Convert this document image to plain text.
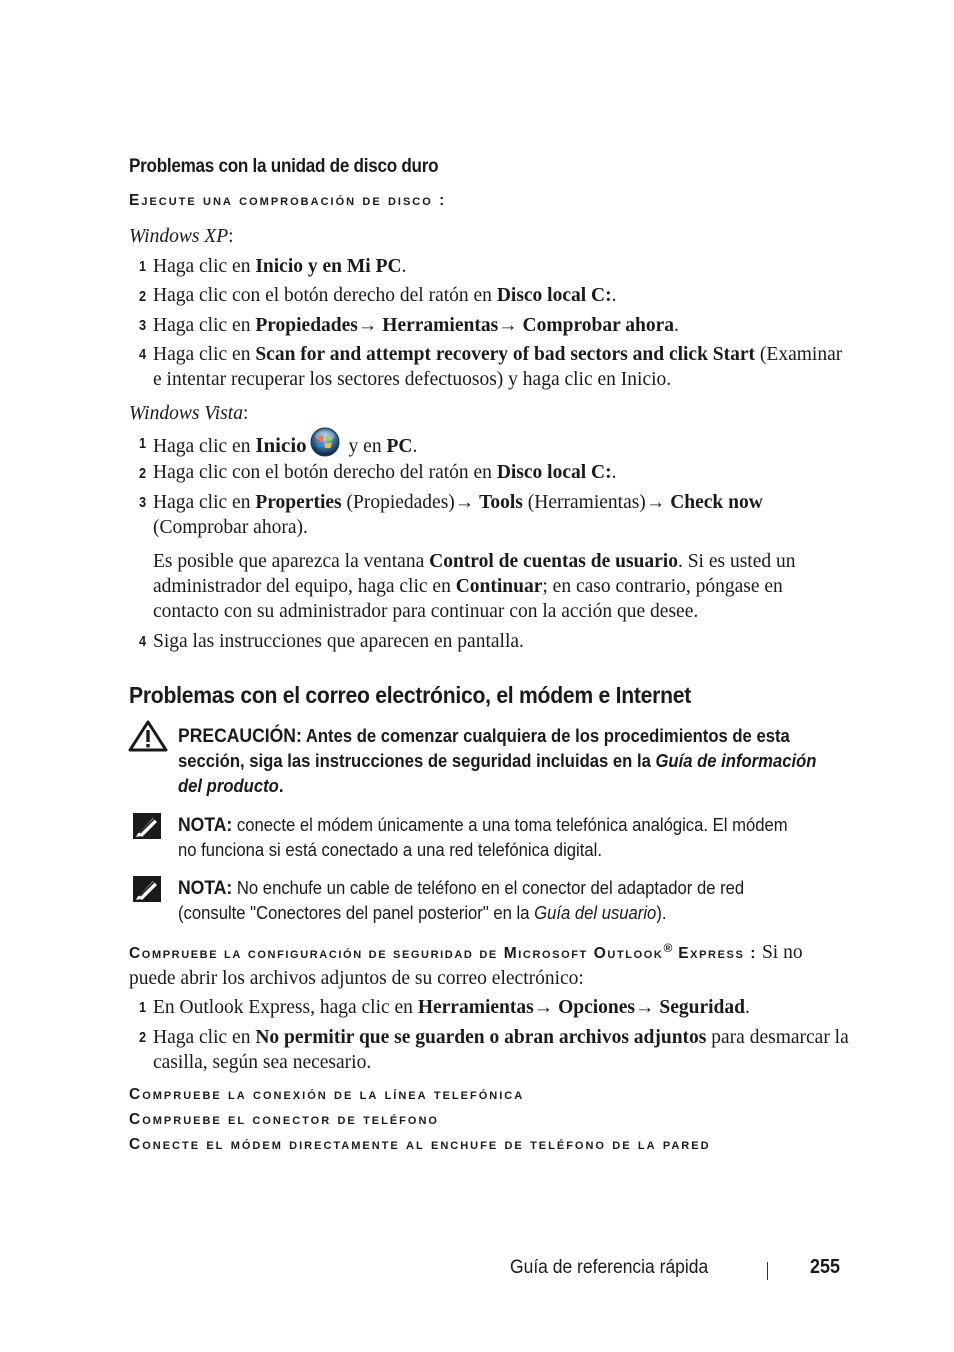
Problemas con la unidad de disco duro
Ejecute una comprobación de disco :
Windows XP:
1 Haga clic en Inicio y en Mi PC.
2 Haga clic con el botón derecho del ratón en Disco local C:.
3 Haga clic en Propiedades→ Herramientas→ Comprobar ahora.
4 Haga clic en Scan for and attempt recovery of bad sectors and click Start (Examinar
e intentar recuperar los sectores defectuosos) y haga clic en Inicio.
Windows Vista:
1 Haga clic en Inicio y en PC.
2 Haga clic con el botón derecho del ratón en Disco local C:.
3 Haga clic en Properties (Propiedades)→ Tools (Herramientas)→ Check now
(Comprobar ahora).
Es posible que aparezca la ventana Control de cuentas de usuario. Si es usted un
administrador del equipo, haga clic en Continuar; en caso contrario, póngase en
contacto con su administrador para continuar con la acción que desee.
4 Siga las instrucciones que aparecen en pantalla.
Problemas con el correo electrónico, el módem e Internet
PRECAUCIÓN: Antes de comenzar cualquiera de los procedimientos de esta
sección, siga las instrucciones de seguridad incluidas en la Guía de información
del producto.
NOTA: conecte el módem únicamente a una toma telefónica analógica. El módem
no funciona si está conectado a una red telefónica digital.
NOTA: No enchufe un cable de teléfono en el conector del adaptador de red
(consulte "Conectores del panel posterior" en la Guía del usuario).
Compruebe la configuración de seguridad de Microsoft Outlook® Express : Si no
puede abrir los archivos adjuntos de su correo electrónico:
1 En Outlook Express, haga clic en Herramientas→ Opciones→ Seguridad.
2 Haga clic en No permitir que se guarden o abran archivos adjuntos para desmarcar la
casilla, según sea necesario.
Compruebe la conexión de la línea telefónica
Compruebe el conector de teléfono
Conecte el módem directamente al enchufe de teléfono de la pared
Guía de referencia rápida	255
